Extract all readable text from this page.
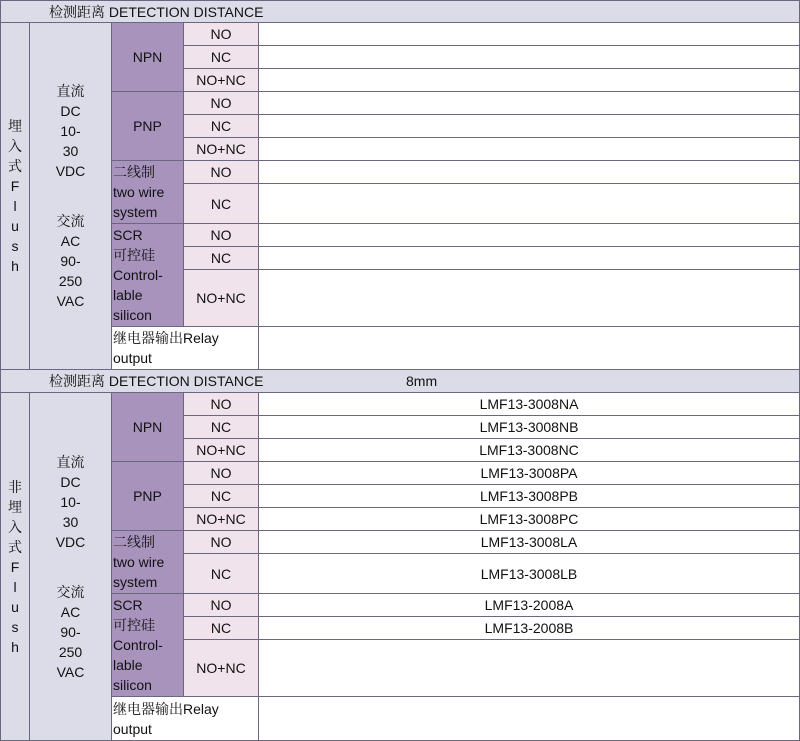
检测距离 DETECTION DISTANCE
埋
入
式
F
l
u
s
h
直流
DC
10-
30
VDC
交流
AC
90-
250
VAC
NPN
NO
NC
NO+NC
PNP
NO
NC
NO+NC
二线制
two wire
system
NO
NC
SCR
可控硅
Control-
lable
silicon
NO
NC
NO+NC
继电器输出Relay
output
检测距离 DETECTION DISTANCE	8mm
非
埋
入
式
F
l
u
s
h
直流
DC
10-
30
VDC
交流
AC
90-
250
VAC
NPN
NO
NC
NO+NC
LMF13-3008NA
LMF13-3008NB
LMF13-3008NC
PNP
NO
NC
NO+NC
LMF13-3008PA
LMF13-3008PB
LMF13-3008PC
二线制
two wire
system
NO
NC
LMF13-3008LA
LMF13-3008LB
SCR
可控硅
Control-
lable
silicon
NO
NC
NO+NC
LMF13-2008A
LMF13-2008B
继电器输出Relay
output
